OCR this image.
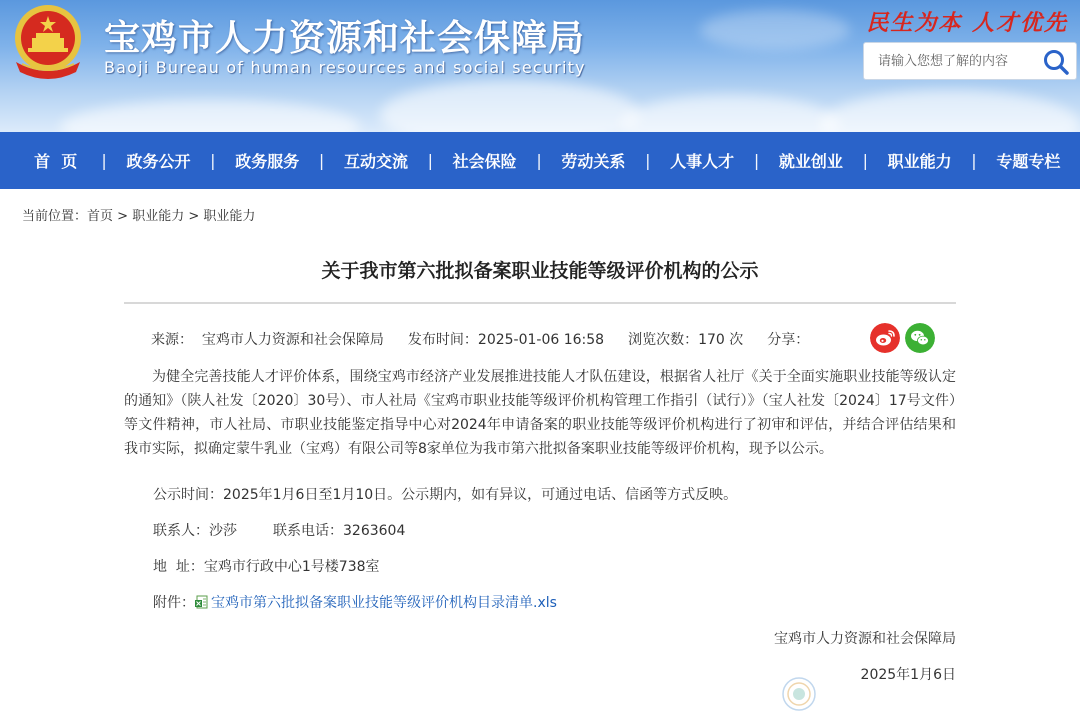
宝鸡市人力资源和社会保障局
Baoji Bureau of human resources and social security
民生为本 人才优先
请输入您想了解的内容
首  页 | 政务公开 | 政务服务 | 互动交流 | 社会保险 | 劳动关系 | 人事人才 | 就业创业 | 职业能力 | 专题专栏
当前位置：首页 > 职业能力 > 职业能力
关于我市第六批拟备案职业技能等级评价机构的公示
来源：  宝鸡市人力资源和社会保障局 发布时间：2025-01-06 16:58 浏览次数：170 次 分享：
为健全完善技能人才评价体系，围绕宝鸡市经济产业发展推进技能人才队伍建设，根据省人社厅《关于全面实施职业技能等级认定的通知》（陕人社发〔2020〕30号）、市人社局《宝鸡市职业技能等级评价机构管理工作指引（试行）》（宝人社发〔2024〕17号文件）等文件精神，市人社局、市职业技能鉴定指导中心对2024年申请备案的职业技能等级评价机构进行了初审和评估，并结合评估结果和我市实际，拟确定蒙牛乳业（宝鸡）有限公司等8家单位为我市第六批拟备案职业技能等级评价机构，现予以公示。
公示时间：2025年1月6日至1月10日。公示期内，如有异议，可通过电话、信函等方式反映。
联系人：沙莎	联系电话：3263604
地  址：宝鸡市行政中心1号楼738室
附件： 宝鸡市第六批拟备案职业技能等级评价机构目录清单.xls
宝鸡市人力资源和社会保障局
2025年1月6日
